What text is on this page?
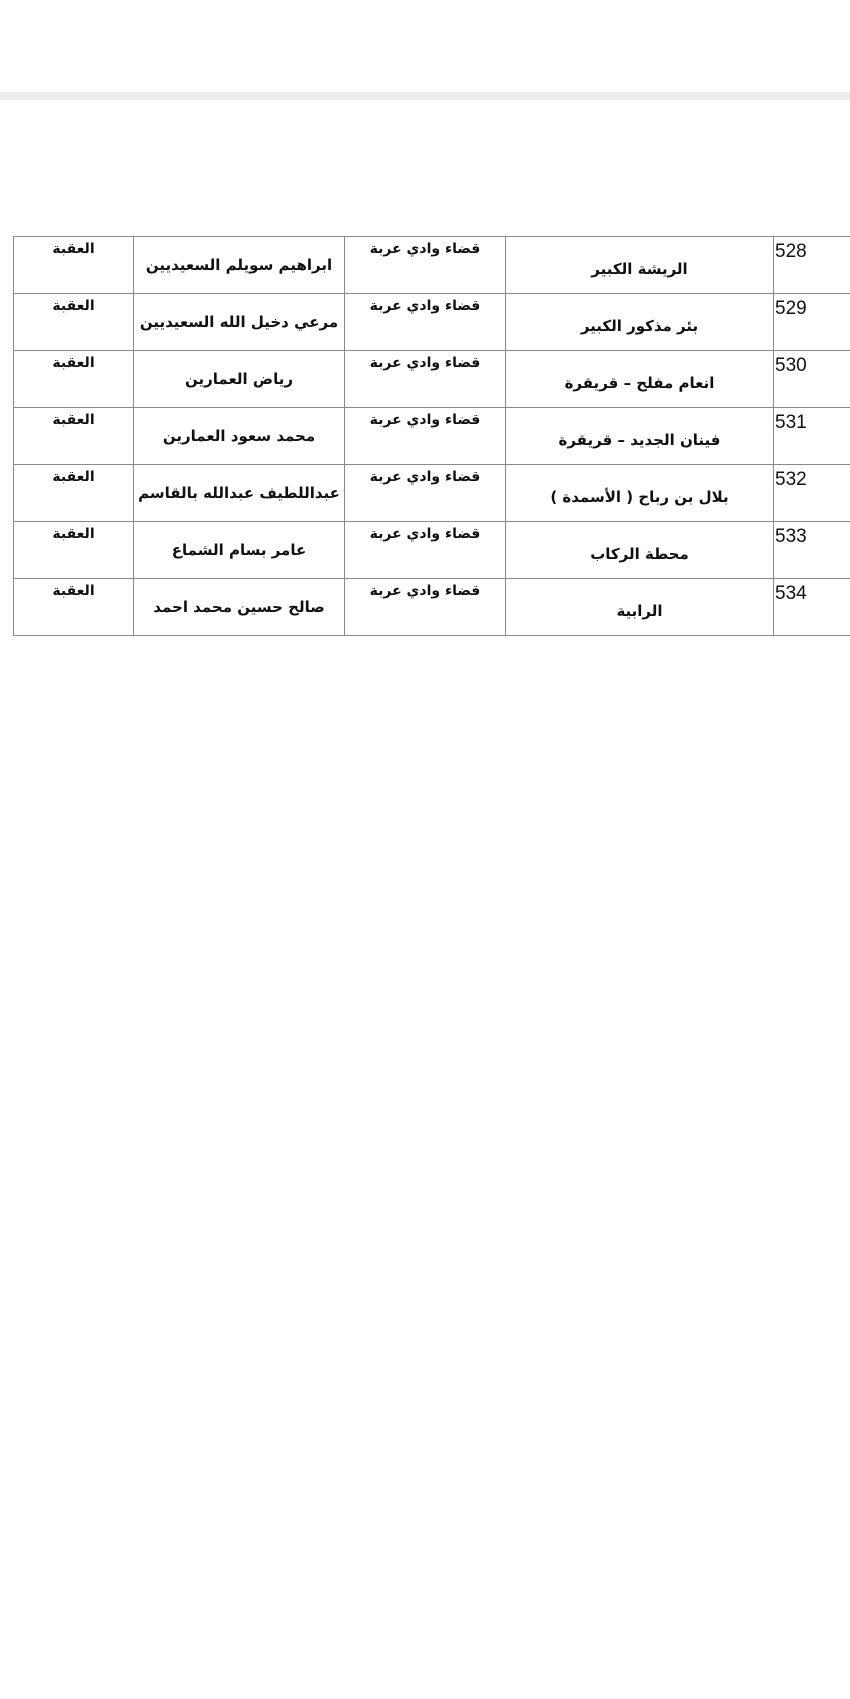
العقبة	ابراهيم سويلم السعيديين	قضاء وادي عربة	الريشة الكبير	528
العقبة	مرعي دخيل الله السعيديين	قضاء وادي عربة	بئر مذكور الكبير	529
العقبة	رياض العمارين	قضاء وادي عربة	انعام مفلح – قريقرة	530
العقبة	محمد سعود العمارين	قضاء وادي عربة	فينان الجديد – قريقرة	531
العقبة	عبداللطيف عبدالله بالقاسم	قضاء وادي عربة	بلال بن رباح ( الأسمدة )	532
العقبة	عامر بسام الشماع	قضاء وادي عربة	محطة الركاب	533
العقبة	صالح حسين محمد احمد	قضاء وادي عربة	الرابية	534
